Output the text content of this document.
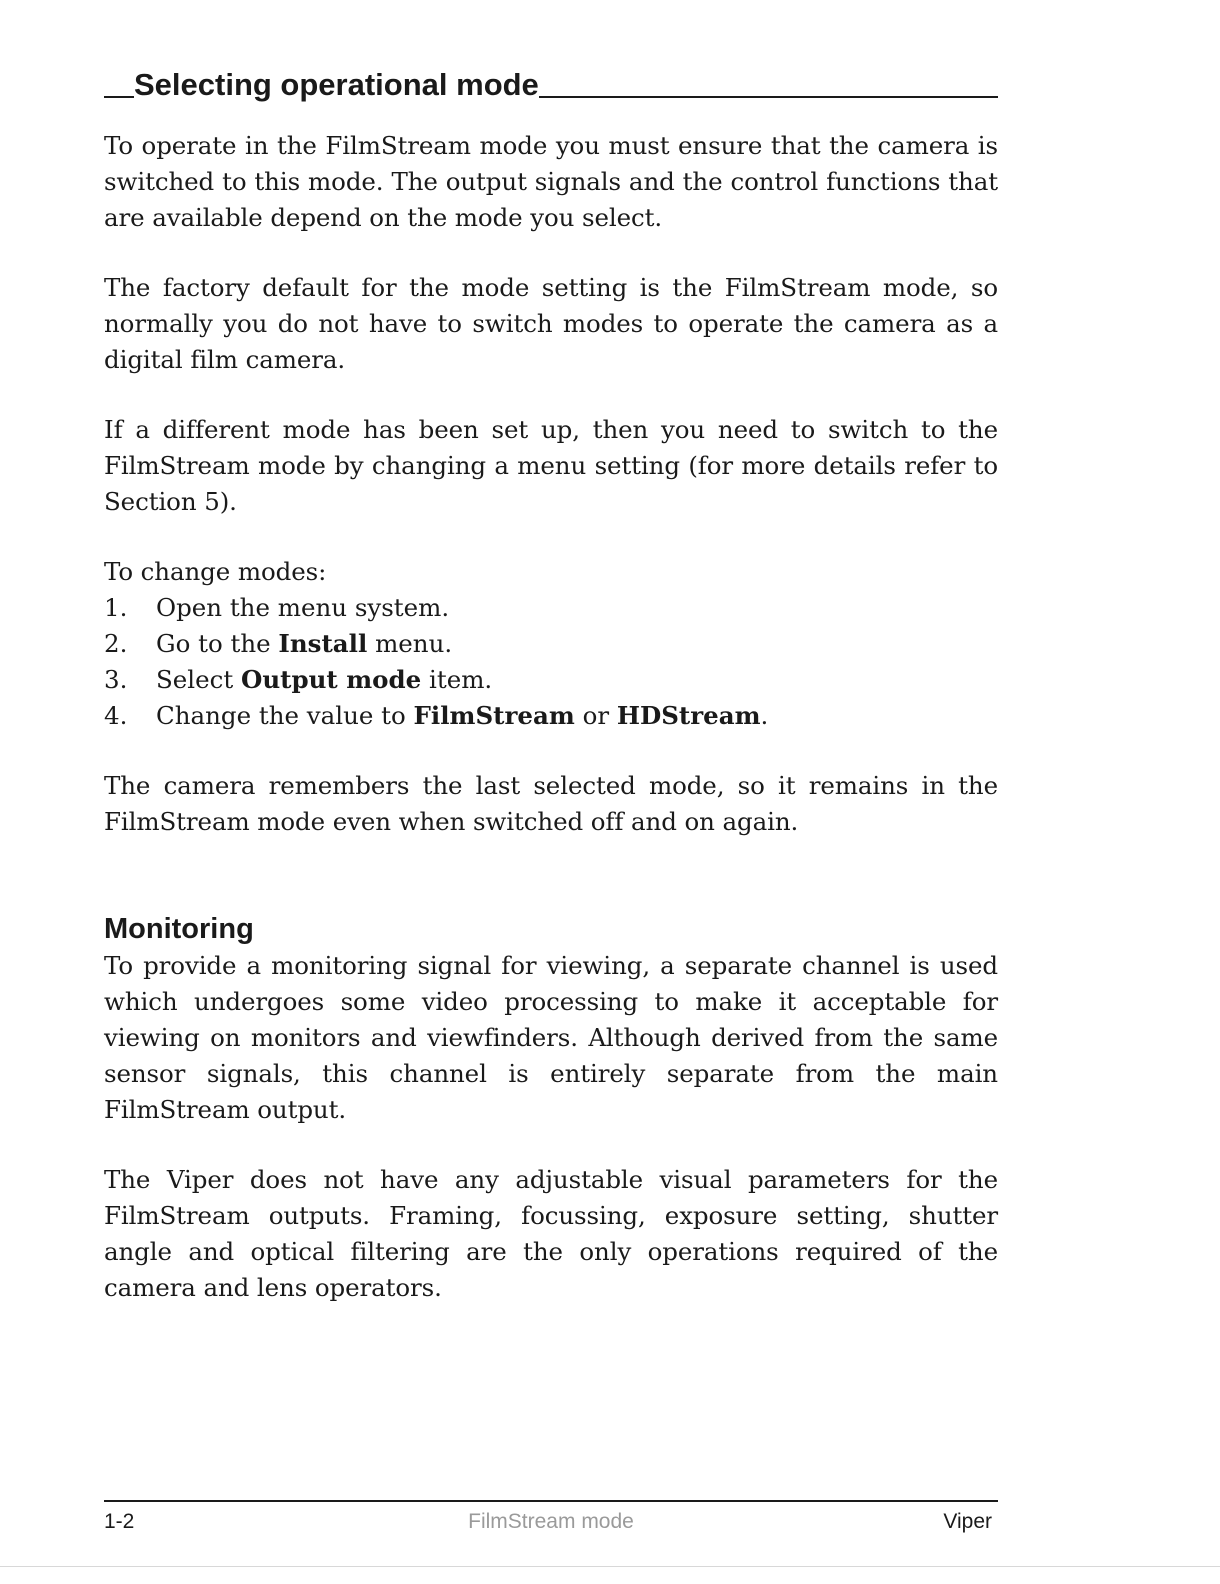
Selecting operational mode

To operate in the FilmStream mode you must ensure that the camera is switched to this mode. The output signals and the control functions that are available depend on the mode you select.

The factory default for the mode setting is the FilmStream mode, so normally you do not have to switch modes to operate the camera as a digital film camera.

If a different mode has been set up, then you need to switch to the FilmStream mode by changing a menu setting (for more details refer to Section 5).

To change modes:

1.	Open the menu system.
2.	Go to the Install menu.
3.	Select Output mode item.
4.	Change the value to FilmStream or HDStream.

The camera remembers the last selected mode, so it remains in the FilmStream mode even when switched off and on again.

Monitoring

To provide a monitoring signal for viewing, a separate channel is used which undergoes some video processing to make it acceptable for viewing on monitors and viewfinders. Although derived from the same sensor signals, this channel is entirely separate from the main FilmStream output.

The Viper does not have any adjustable visual parameters for the FilmStream outputs. Framing, focussing, exposure setting, shutter angle and optical filtering are the only operations required of the camera and lens operators.

1-2	FilmStream mode	Viper
